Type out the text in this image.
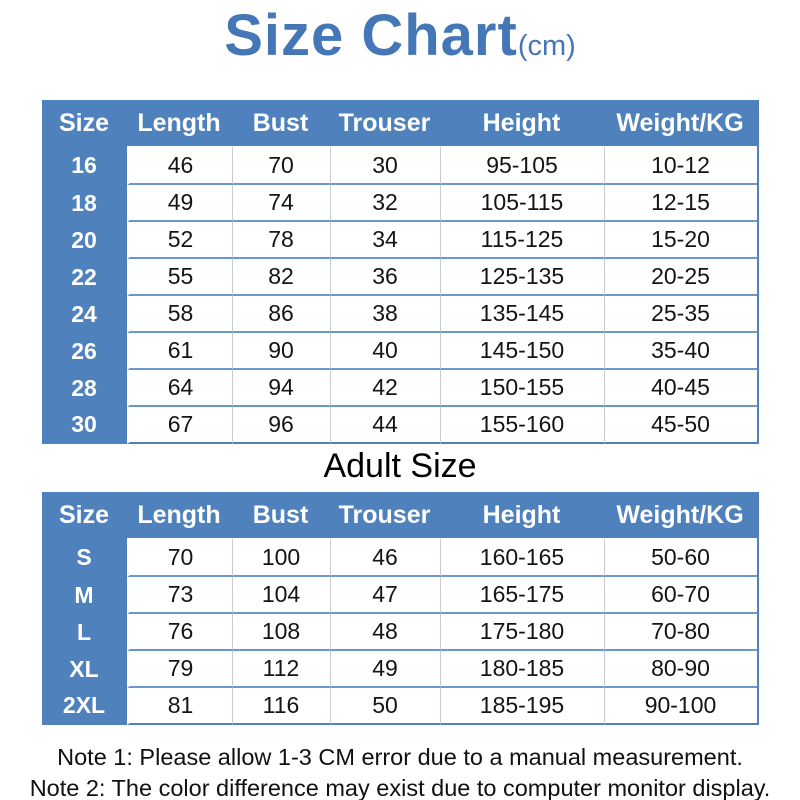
Size Chart(cm)
Size	Length	Bust	Trouser	Height	Weight/KG
16	46	70	30	95-105	10-12
18	49	74	32	105-115	12-15
20	52	78	34	115-125	15-20
22	55	82	36	125-135	20-25
24	58	86	38	135-145	25-35
26	61	90	40	145-150	35-40
28	64	94	42	150-155	40-45
30	67	96	44	155-160	45-50
Adult Size
Size	Length	Bust	Trouser	Height	Weight/KG
S	70	100	46	160-165	50-60
M	73	104	47	165-175	60-70
L	76	108	48	175-180	70-80
XL	79	112	49	180-185	80-90
2XL	81	116	50	185-195	90-100
Note 1: Please allow 1-3 CM error due to a manual measurement.
Note 2: The color difference may exist due to computer monitor display.
